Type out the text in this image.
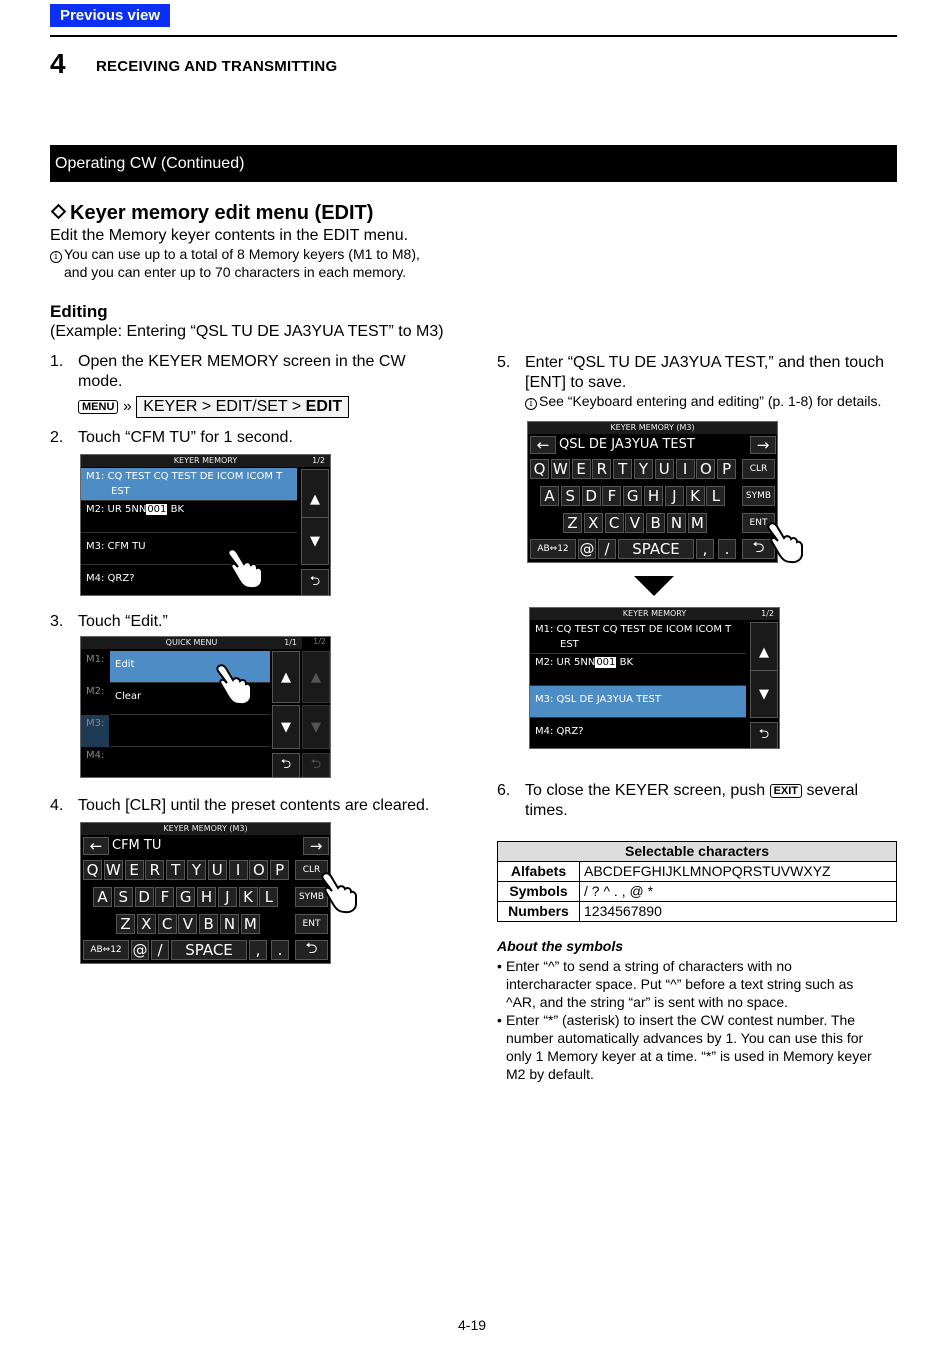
Previous view
4 RECEIVING AND TRANSMITTING
Operating CW (Continued)
Keyer memory edit menu (EDIT)
Edit the Memory keyer contents in the EDIT menu.
i You can use up to a total of 8 Memory keyers (M1 to M8),
and you can enter up to 70 characters in each memory.
Editing
(Example: Entering “QSL TU DE JA3YUA TEST” to M3)
1. Open the KEYER MEMORY screen in the CW
mode.
MENU » KEYER > EDIT/SET > EDIT
2. Touch “CFM TU” for 1 second.
KEYER MEMORY	1/2
M1: CQ TEST CQ TEST DE ICOM ICOM T
EST
M2: UR 5NN001 BK
M3: CFM TU
M4: QRZ?
▲
▼
⮌
3. Touch “Edit.”
QUICK MENU	1/1 1/2
M1:
M2:
M3:
M4:
Edit
Clear
▲
▼
⮌
▲
▼
⮌
4. Touch [CLR] until the preset contents are cleared.
KEYER MEMORY (M3)
← CFM TU	→
Q W E R T Y U I O P
A S D F G H J K L
Z X C V B N M
CLR
SYMB
ENT
AB⇔12 @ /	SPACE	,	.	⮌
5. Enter “QSL TU DE JA3YUA TEST,” and then touch
[ENT] to save.
i See “Keyboard entering and editing” (p. 1-8) for details.
KEYER MEMORY (M3)
← QSL DE JA3YUA TEST	→
Q W E R T Y U I O P
A S D F G H J K L
Z X C V B N M
CLR
SYMB
ENT
AB⇔12 @ /	SPACE	,	.	⮌
KEYER MEMORY	1/2
M1: CQ TEST CQ TEST DE ICOM ICOM T
EST
M2: UR 5NN001 BK
M3: QSL DE JA3YUA TEST
M4: QRZ?
▲
▼
⮌
6. To close the KEYER screen, push EXIT several
times.
Selectable characters	
Alfabets	ABCDEFGHIJKLMNOPQRSTUVWXYZ
Symbols	/ ? ^ . , @ *
Numbers	1234567890
About the symbols
• Enter “^” to send a string of characters with no
intercharacter space. Put “^” before a text string such as
^AR, and the string “ar” is sent with no space.
• Enter “*” (asterisk) to insert the CW contest number. The
number automatically advances by 1. You can use this for
only 1 Memory keyer at a time. “*” is used in Memory keyer
M2 by default.
4-19
